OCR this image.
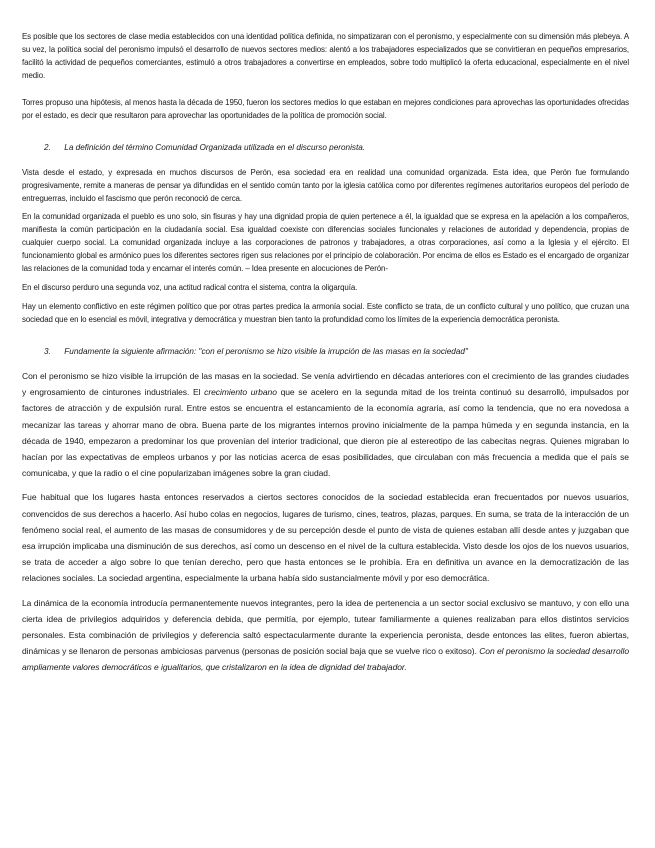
Es posible que los sectores de clase media establecidos con una identidad política definida, no simpatizaran con el peronismo, y especialmente con su dimensión más plebeya. A su vez, la política social del peronismo impulsó el desarrollo de nuevos sectores medios: alentó a los trabajadores especializados que se convirtieran en pequeños empresarios, facilitó la actividad de pequeños comerciantes, estimuló a otros trabajadores a convertirse en empleados, sobre todo multiplicó la oferta educacional, especialmente en el nivel medio.

Torres propuso una hipótesis, al menos hasta la década de 1950, fueron los sectores medios lo que estaban en mejores condiciones para aprovechas las oportunidades ofrecidas por el estado, es decir que resultaron para aprovechar las oportunidades de la política de promoción social.

2. La definición del término Comunidad Organizada utilizada en el discurso peronista.

Vista desde el estado, y expresada en muchos discursos de Perón, esa sociedad era en realidad una comunidad organizada. Esta idea, que Perón fue formulando progresivamente, remite a maneras de pensar ya difundidas en el sentido común tanto por la iglesia católica como por diferentes regímenes autoritarios europeos del período de entreguerras, incluido el fascismo que perón reconoció de cerca.

En la comunidad organizada el pueblo es uno solo, sin fisuras y hay una dignidad propia de quien pertenece a él, la igualdad que se expresa en la apelación a los compañeros, manifiesta la común participación en la ciudadanía social. Esa igualdad coexiste con diferencias sociales funcionales y relaciones de autoridad y dependencia, propias de cualquier cuerpo social. La comunidad organizada incluye a las corporaciones de patronos y trabajadores, a otras corporaciones, así como a la Iglesia y el ejército. El funcionamiento global es armónico pues los diferentes sectores rigen sus relaciones por el principio de colaboración. Por encima de ellos es Estado es el encargado de organizar las relaciones de la comunidad toda y encarnar el interés común. – Idea presente en alocuciones de Perón-

En el discurso perduro una segunda voz, una actitud radical contra el sistema, contra la oligarquía.

Hay un elemento conflictivo en este régimen político que por otras partes predica la armonía social. Este conflicto se trata, de un conflicto cultural y uno político, que cruzan una sociedad que en lo esencial es móvil, integrativa y democrática y muestran bien tanto la profundidad como los límites de la experiencia democrática peronista.

3. Fundamente la siguiente afirmación: "con el peronismo se hizo visible la irrupción de las masas en la sociedad"

Con el peronismo se hizo visible la irrupción de las masas en la sociedad. Se venía advirtiendo en décadas anteriores con el crecimiento de las grandes ciudades y engrosamiento de cinturones industriales. El crecimiento urbano que se acelero en la segunda mitad de los treinta continuó su desarrolló, impulsados por factores de atracción y de expulsión rural. Entre estos se encuentra el estancamiento de la economía agraria, así como la tendencia, que no era novedosa a mecanizar las tareas y ahorrar mano de obra. Buena parte de los migrantes internos provino inicialmente de la pampa húmeda y en segunda instancia, en la década de 1940, empezaron a predominar los que provenían del interior tradicional, que dieron pie al estereotipo de las cabecitas negras. Quienes migraban lo hacían por las expectativas de empleos urbanos y por las noticias acerca de esas posibilidades, que circulaban con más frecuencia a medida que el país se comunicaba, y que la radio o el cine popularizaban imágenes sobre la gran ciudad.

Fue habitual que los lugares hasta entonces reservados a ciertos sectores conocidos de la sociedad establecida eran frecuentados por nuevos usuarios, convencidos de sus derechos a hacerlo. Así hubo colas en negocios, lugares de turismo, cines, teatros, plazas, parques. En suma, se trata de la interacción de un fenómeno social real, el aumento de las masas de consumidores y de su percepción desde el punto de vista de quienes estaban allí desde antes y juzgaban que esa irrupción implicaba una disminución de sus derechos, así como un descenso en el nivel de la cultura establecida. Visto desde los ojos de los nuevos usuarios, se trata de acceder a algo sobre lo que tenían derecho, pero que hasta entonces se le prohibía. Era en definitiva un avance en la democratización de las relaciones sociales. La sociedad argentina, especialmente la urbana había sido sustancialmente móvil y por eso democrática.

La dinámica de la economía introducía permanentemente nuevos integrantes, pero la idea de pertenencia a un sector social exclusivo se mantuvo, y con ello una cierta idea de privilegios adquiridos y deferencia debida, que permitía, por ejemplo, tutear familiarmente a quienes realizaban para ellos distintos servicios personales. Esta combinación de privilegios y deferencia saltó espectacularmente durante la experiencia peronista, desde entonces las elites, fueron abiertas, dinámicas y se llenaron de personas ambiciosas parvenus (personas de posición social baja que se vuelve rico o exitoso). Con el peronismo la sociedad desarrollo ampliamente valores democráticos e igualitarios, que cristalizaron en la idea de dignidad del trabajador.
